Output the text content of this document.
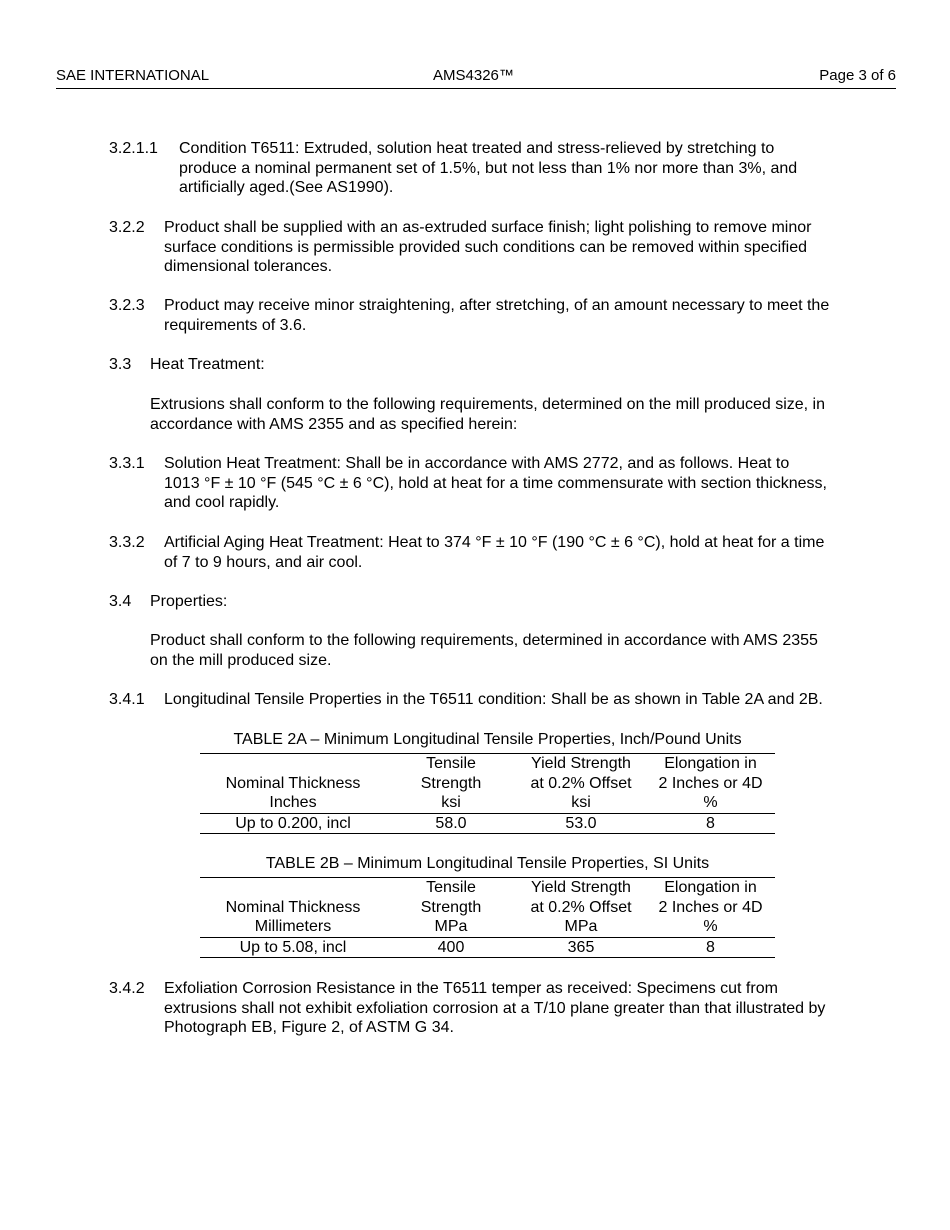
SAE INTERNATIONAL	AMS4326™	Page 3 of 6
3.2.1.1 Condition T6511: Extruded, solution heat treated and stress-relieved by stretching to
produce a nominal permanent set of 1.5%, but not less than 1% nor more than 3%, and
artificially aged.(See AS1990).
3.2.2 Product shall be supplied with an as-extruded surface finish; light polishing to remove minor
surface conditions is permissible provided such conditions can be removed within specified
dimensional tolerances.
3.2.3 Product may receive minor straightening, after stretching, of an amount necessary to meet the
requirements of 3.6.
3.3 Heat Treatment:
Extrusions shall conform to the following requirements, determined on the mill produced size, in
accordance with AMS 2355 and as specified herein:
3.3.1 Solution Heat Treatment: Shall be in accordance with AMS 2772, and as follows. Heat to
1013 °F ± 10 °F (545 °C ± 6 °C), hold at heat for a time commensurate with section thickness,
and cool rapidly.
3.3.2 Artificial Aging Heat Treatment: Heat to 374 °F ± 10 °F (190 °C ± 6 °C), hold at heat for a time
of 7 to 9 hours, and air cool.
3.4 Properties:
Product shall conform to the following requirements, determined in accordance with AMS 2355
on the mill produced size.
3.4.1 Longitudinal Tensile Properties in the T6511 condition: Shall be as shown in Table 2A and 2B.
TABLE 2A – Minimum Longitudinal Tensile Properties, Inch/Pound Units
	Tensile	Yield Strength	Elongation in
Nominal Thickness	Strength	at 0.2% Offset	2 Inches or 4D
Inches	ksi	ksi	%
Up to 0.200, incl	58.0	53.0	8
TABLE 2B – Minimum Longitudinal Tensile Properties, SI Units
	Tensile	Yield Strength	Elongation in
Nominal Thickness	Strength	at 0.2% Offset	2 Inches or 4D
Millimeters	MPa	MPa	%
Up to 5.08, incl	400	365	8
3.4.2 Exfoliation Corrosion Resistance in the T6511 temper as received: Specimens cut from
extrusions shall not exhibit exfoliation corrosion at a T/10 plane greater than that illustrated by
Photograph EB, Figure 2, of ASTM G 34.
